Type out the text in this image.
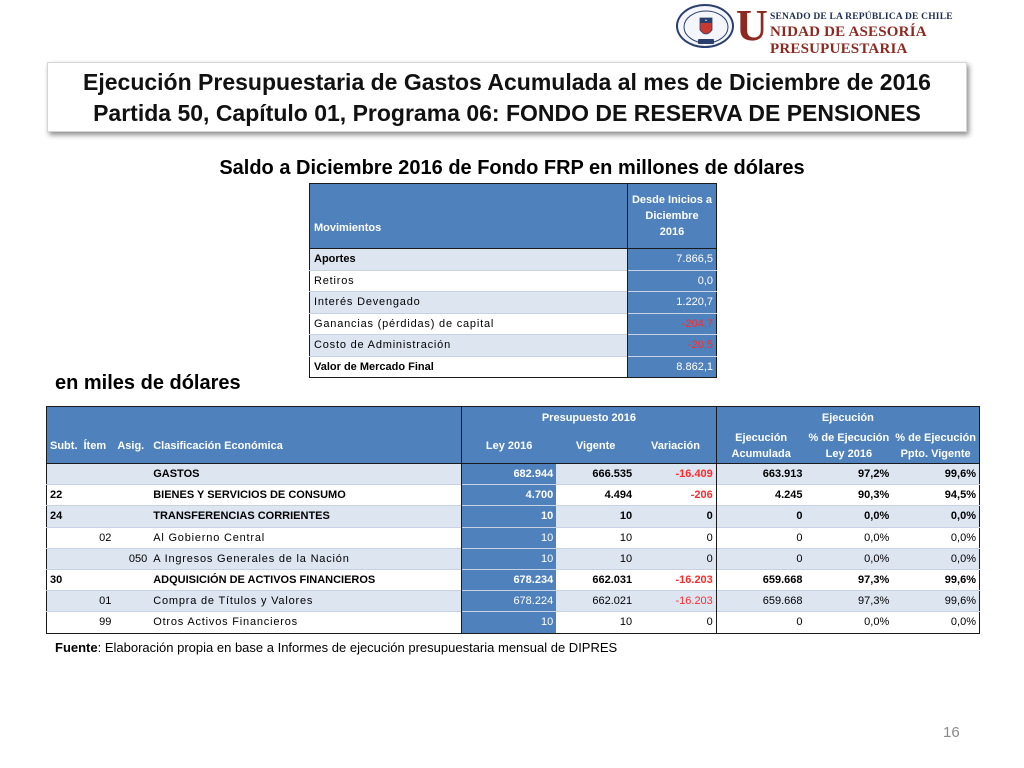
U SENADO DE LA REPÚBLICA DE CHILE
NIDAD DE ASESORÍA PRESUPUESTARIA
Ejecución Presupuestaria de Gastos Acumulada al mes de Diciembre de 2016
Partida 50, Capítulo 01, Programa 06: FONDO DE RESERVA DE PENSIONES
Saldo a Diciembre 2016 de Fondo FRP en millones de dólares
Movimientos	Desde Inicios a
Diciembre
2016
Aportes	7.866,5
Retiros	0,0
Interés Devengado	1.220,7
Ganancias (pérdidas) de capital	-204,7
Costo de Administración	-20,5
Valor de Mercado Final	8.862,1
en miles de dólares
				Presupuesto 2016			Ejecución		
Subt.	Ítem	Asig.	Clasificación Económica	Ley 2016	Vigente	Variación	Ejecución
Acumulada	% de Ejecución
Ley 2016	% de Ejecución
Ppto. Vigente
			GASTOS	682.944	666.535	-16.409	663.913	97,2%	99,6%
22			BIENES Y SERVICIOS DE CONSUMO	4.700	4.494	-206	4.245	90,3%	94,5%
24			TRANSFERENCIAS CORRIENTES	10	10	0	0	0,0%	0,0%
	02		Al Gobierno Central	10	10	0	0	0,0%	0,0%
		050	A Ingresos Generales de la Nación	10	10	0	0	0,0%	0,0%
30			ADQUISICIÓN DE ACTIVOS FINANCIEROS	678.234	662.031	-16.203	659.668	97,3%	99,6%
	01		Compra de Títulos y Valores	678.224	662.021	-16.203	659.668	97,3%	99,6%
	99		Otros Activos Financieros	10	10	0	0	0,0%	0,0%
Fuente: Elaboración propia en base a Informes de ejecución presupuestaria mensual de DIPRES
16
